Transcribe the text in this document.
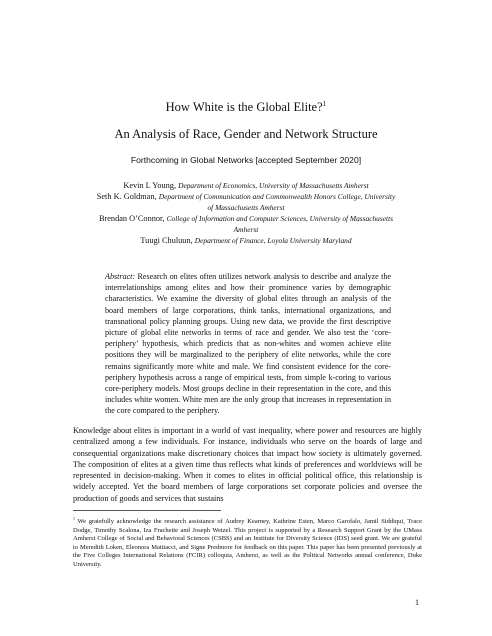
How White is the Global Elite?$^1$
An Analysis of Race, Gender and Network Structure
Forthcoming in Global Networks [accepted September 2020]
Kevin L Young, Department of Economics, University of Massachusetts Amherst
Seth K. Goldman, Department of Communication and Commonwealth Honors College, University of Massachusetts Amherst
Brendan O’Connor, College of Information and Computer Sciences, University of Massachusetts Amherst
Tuugi Chuluun, Department of Finance, Loyola University Maryland
Abstract: Research on elites often utilizes network analysis to describe and analyze the interrelationships among elites and how their prominence varies by demographic characteristics. We examine the diversity of global elites through an analysis of the board members of large corporations, think tanks, international organizations, and transnational policy planning groups. Using new data, we provide the first descriptive picture of global elite networks in terms of race and gender. We also test the ‘core-periphery’ hypothesis, which predicts that as non-whites and women achieve elite positions they will be marginalized to the periphery of elite networks, while the core remains significantly more white and male. We find consistent evidence for the core-periphery hypothesis across a range of empirical tests, from simple k-coring to various core-periphery models. Most groups decline in their representation in the core, and this includes white women. White men are the only group that increases in representation in the core compared to the periphery.
Knowledge about elites is important in a world of vast inequality, where power and resources are highly centralized among a few individuals. For instance, individuals who serve on the boards of large and consequential organizations make discretionary choices that impact how society is ultimately governed. The composition of elites at a given time thus reflects what kinds of preferences and worldviews will be represented in decision-making. When it comes to elites in official political office, this relationship is widely accepted. Yet the board members of large corporations set corporate policies and oversee the production of goods and services that sustains
$^1$ We gratefully acknowledge the research assistance of Audrey Kearney, Kathrine Esten, Marco Garofalo, Jamil Siddiqui, Trace Dodge, Timothy Scalona, Iza Frachette and Joseph Wetzel. This project is supported by a Research Support Grant by the UMass Amherst College of Social and Behavioral Sciences (CSBS) and an Institute for Diversity Science (IDS) seed grant. We are grateful to Meredith Loken, Eleonora Mattiacci, and Signe Predmore for feedback on this paper. This paper has been presented previously at the Five Colleges International Relations (FCIR) colloquia, Amherst, as well as the Political Networks annual conference, Duke University.
1
